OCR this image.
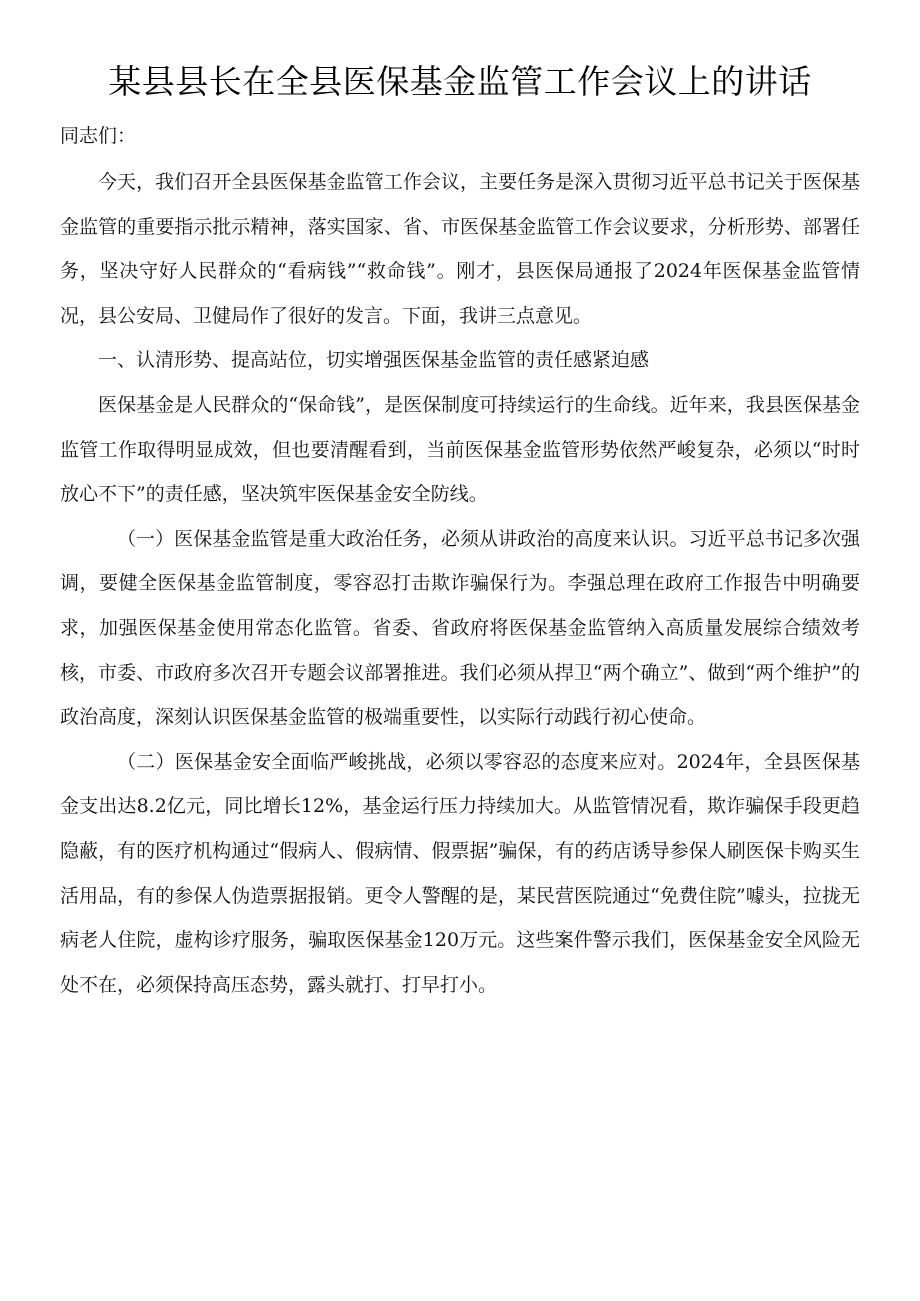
某县县长在全县医保基金监管工作会议上的讲话
同志们：

今天，我们召开全县医保基金监管工作会议，主要任务是深入贯彻习近平总书记关于医保基金监管的重要指示批示精神，落实国家、省、市医保基金监管工作会议要求，分析形势、部署任务，坚决守好人民群众的“看病钱”“救命钱”。刚才，县医保局通报了2024年医保基金监管情况，县公安局、卫健局作了很好的发言。下面，我讲三点意见。

一、认清形势、提高站位，切实增强医保基金监管的责任感紧迫感

医保基金是人民群众的“保命钱”，是医保制度可持续运行的生命线。近年来，我县医保基金监管工作取得明显成效，但也要清醒看到，当前医保基金监管形势依然严峻复杂，必须以“时时放心不下”的责任感，坚决筑牢医保基金安全防线。

（一）医保基金监管是重大政治任务，必须从讲政治的高度来认识。习近平总书记多次强调，要健全医保基金监管制度，零容忍打击欺诈骗保行为。李强总理在政府工作报告中明确要求，加强医保基金使用常态化监管。省委、省政府将医保基金监管纳入高质量发展综合绩效考核，市委、市政府多次召开专题会议部署推进。我们必须从捍卫“两个确立”、做到“两个维护”的政治高度，深刻认识医保基金监管的极端重要性，以实际行动践行初心使命。

（二）医保基金安全面临严峻挑战，必须以零容忍的态度来应对。2024年，全县医保基金支出达8.2亿元，同比增长12%，基金运行压力持续加大。从监管情况看，欺诈骗保手段更趋隐蔽，有的医疗机构通过“假病人、假病情、假票据”骗保，有的药店诱导参保人刷医保卡购买生活用品，有的参保人伪造票据报销。更令人警醒的是，某民营医院通过“免费住院”噱头，拉拢无病老人住院，虚构诊疗服务，骗取医保基金120万元。这些案件警示我们，医保基金安全风险无处不在，必须保持高压态势，露头就打、打早打小。
